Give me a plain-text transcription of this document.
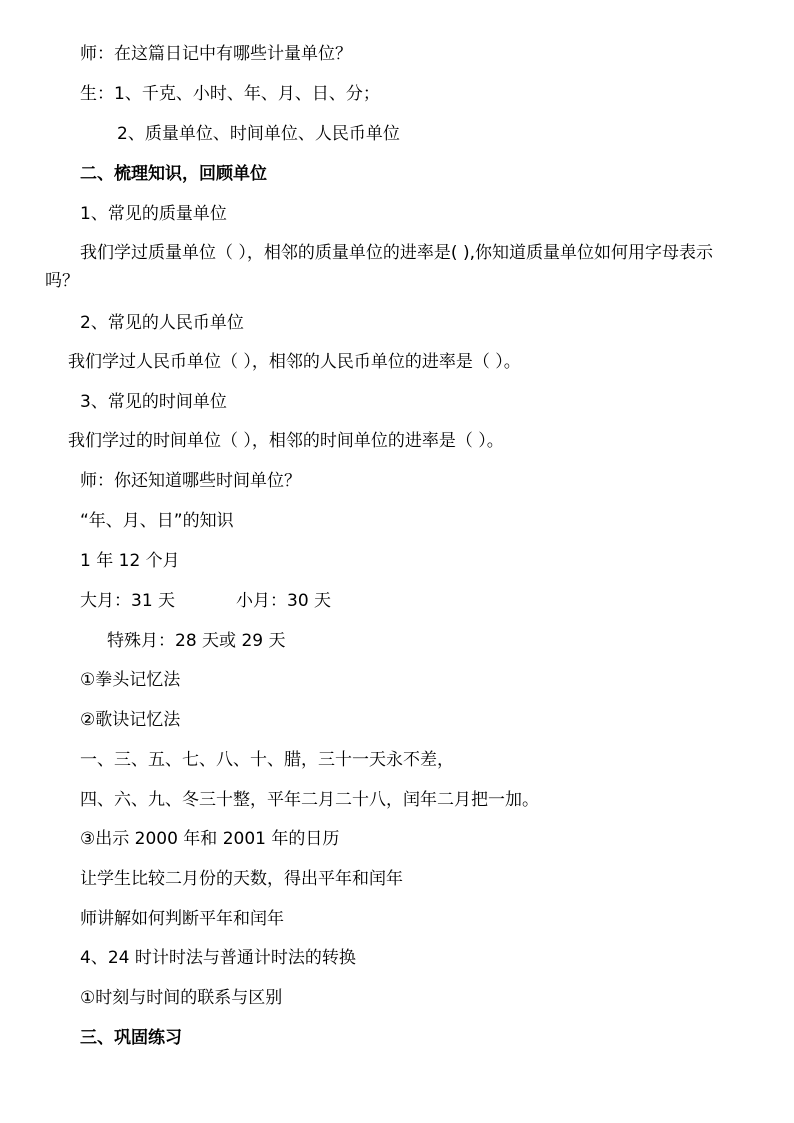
师：在这篇日记中有哪些计量单位？
生：1、千克、小时、年、月、日、分；
2、质量单位、时间单位、人民币单位
二、梳理知识，回顾单位
1、常见的质量单位
我们学过质量单位（ ），相邻的质量单位的进率是( ),你知道质量单位如何用字母表示吗？
2、常见的人民币单位
我们学过人民币单位（ ），相邻的人民币单位的进率是（ ）。
3、常见的时间单位
我们学过的时间单位（ ），相邻的时间单位的进率是（ ）。
师：你还知道哪些时间单位？
“年、月、日”的知识
1 年 12 个月
大月：31 天	小月：30 天
特殊月：28 天或 29 天
①拳头记忆法
②歌诀记忆法
一、三、五、七、八、十、腊，三十一天永不差，
四、六、九、冬三十整，平年二月二十八，闰年二月把一加。
③出示 2000 年和 2001 年的日历
让学生比较二月份的天数，得出平年和闰年
师讲解如何判断平年和闰年
4、24 时计时法与普通计时法的转换
①时刻与时间的联系与区别
三、巩固练习
